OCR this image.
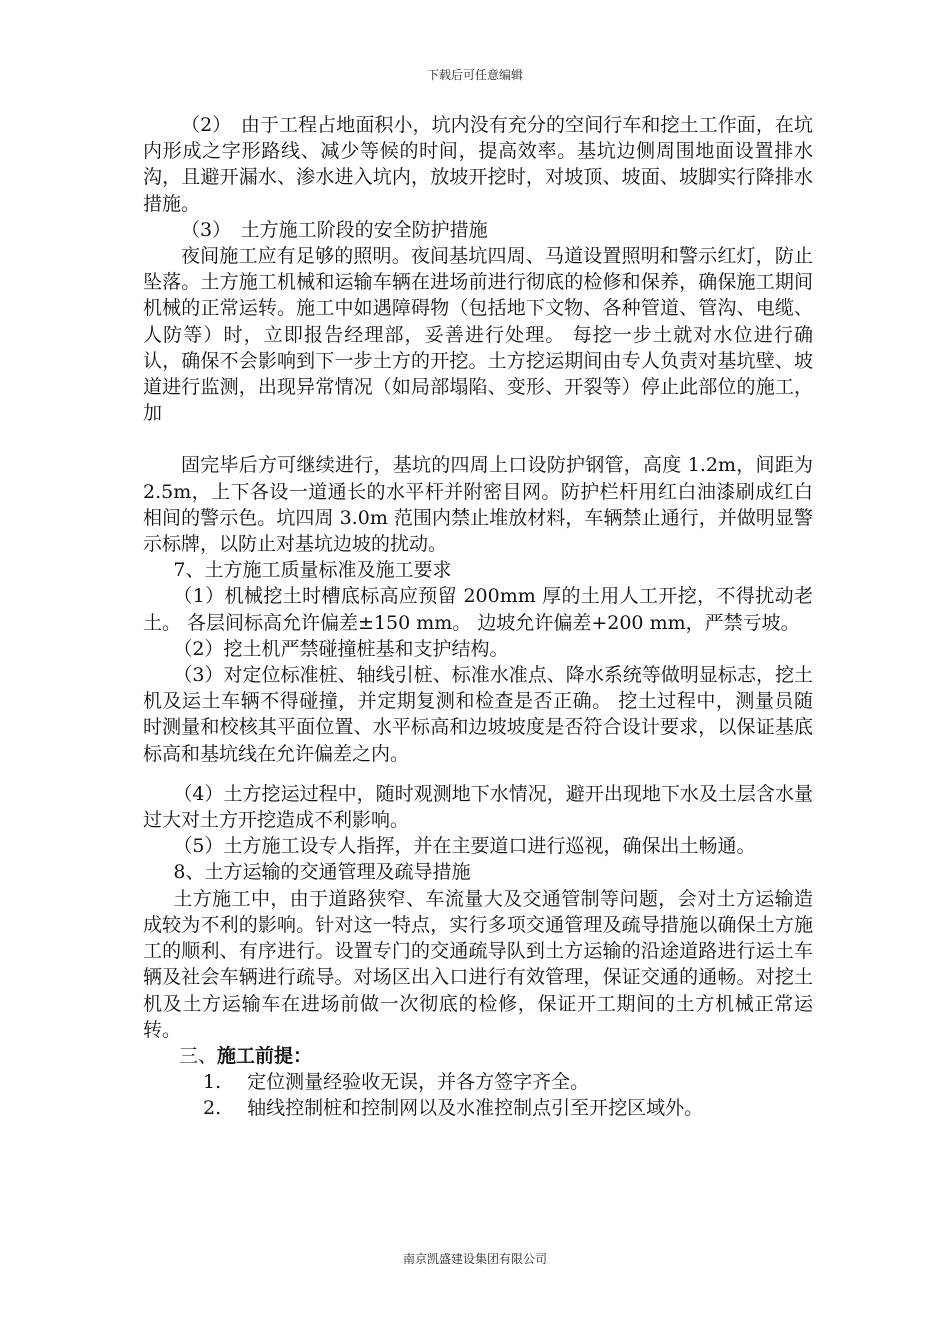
下载后可任意编辑

（2）　由于工程占地面积小，坑内没有充分的空间行车和挖土工作面，在坑内形成之字形路线、减少等候的时间，提高效率。基坑边侧周围地面设置排水沟，且避开漏水、渗水进入坑内，放坡开挖时，对坡顶、坡面、坡脚实行降排水措施。

（3）　土方施工阶段的安全防护措施

夜间施工应有足够的照明。夜间基坑四周、马道设置照明和警示红灯，防止坠落。土方施工机械和运输车辆在进场前进行彻底的检修和保养，确保施工期间机械的正常运转。施工中如遇障碍物（包括地下文物、各种管道、管沟、电缆、人防等）时，立即报告经理部，妥善进行处理。 每挖一步土就对水位进行确认，确保不会影响到下一步土方的开挖。土方挖运期间由专人负责对基坑壁、坡道进行监测，出现异常情况（如局部塌陷、变形、开裂等）停止此部位的施工，加

固完毕后方可继续进行，基坑的四周上口设防护钢管，高度 1.2m，间距为 2.5m，上下各设一道通长的水平杆并附密目网。防护栏杆用红白油漆刷成红白相间的警示色。坑四周 3.0m 范围内禁止堆放材料，车辆禁止通行，并做明显警示标牌，以防止对基坑边坡的扰动。

7、土方施工质量标准及施工要求

（1）机械挖土时槽底标高应预留 200mm 厚的土用人工开挖，不得扰动老土。 各层间标高允许偏差±150 mm。 边坡允许偏差+200 mm，严禁亏坡。

（2）挖土机严禁碰撞桩基和支护结构。

（3）对定位标准桩、轴线引桩、标准水准点、降水系统等做明显标志，挖土机及运土车辆不得碰撞，并定期复测和检查是否正确。 挖土过程中，测量员随时测量和校核其平面位置、水平标高和边坡坡度是否符合设计要求，以保证基底标高和基坑线在允许偏差之内。

（4）土方挖运过程中，随时观测地下水情况，避开出现地下水及土层含水量过大对土方开挖造成不利影响。

（5）土方施工设专人指挥，并在主要道口进行巡视，确保出土畅通。

8、土方运输的交通管理及疏导措施

土方施工中，由于道路狭窄、车流量大及交通管制等问题，会对土方运输造成较为不利的影响。针对这一特点，实行多项交通管理及疏导措施以确保土方施工的顺利、有序进行。设置专门的交通疏导队到土方运输的沿途道路进行运土车辆及社会车辆进行疏导。对场区出入口进行有效管理，保证交通的通畅。对挖土机及土方运输车在进场前做一次彻底的检修，保证开工期间的土方机械正常运转。

三、施工前提：

1. 定位测量经验收无误，并各方签字齐全。

2. 轴线控制桩和控制网以及水准控制点引至开挖区域外。

南京凯盛建设集团有限公司
